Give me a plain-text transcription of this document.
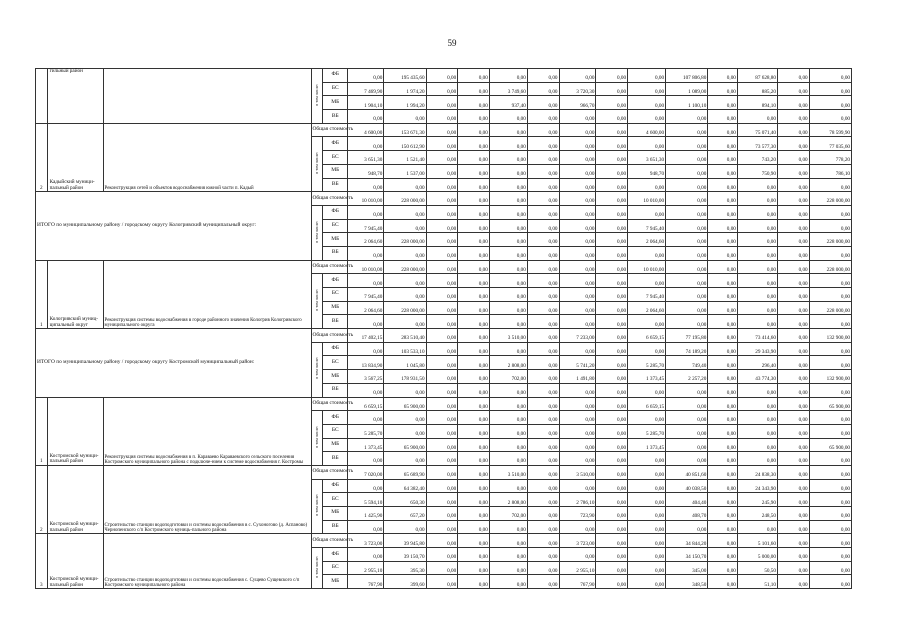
59
	гильный район		в том числе:	ФБ	0,00	195 435,60	0,00	0,00	0,00	0,00	0,00	0,00	0,00	107 806,80	0,00	87 628,80	0,00	0,00
				БС	7 469,90	1 974,20	0,00	0,00	3 749,60	0,00	3 720,30	0,00	0,00	1 089,00	0,00	885,20	0,00	0,00
				МБ	1 904,10	1 994,20	0,00	0,00	937,40	0,00	966,70	0,00	0,00	1 100,10	0,00	894,10	0,00	0,00
				ВБ	0,00	0,00	0,00	0,00	0,00	0,00	0,00	0,00	0,00	0,00	0,00	0,00	0,00	0,00
2	Кадыйский муници-пальный район	Реконструкция сетей и объектов водоснабжения южной части п. Кадый	Общая стоимость		4 600,00	153 671,30	0,00	0,00	0,00	0,00	0,00	0,00	4 600,00	0,00	0,00	75 071,40	0,00	78 599,90
			в том числе:	ФБ	0,00	150 612,90	0,00	0,00	0,00	0,00	0,00	0,00	0,00	0,00	0,00	73 577,30	0,00	77 035,60
				БС	3 651,30	1 521,40	0,00	0,00	0,00	0,00	0,00	0,00	3 651,30	0,00	0,00	743,20	0,00	778,20
				МБ	948,70	1 537,00	0,00	0,00	0,00	0,00	0,00	0,00	948,70	0,00	0,00	750,90	0,00	786,10
				ВБ	0,00	0,00	0,00	0,00	0,00	0,00	0,00	0,00	0,00	0,00	0,00	0,00	0,00	0,00
ИТОГО по муниципальному району / городскому округу Кологривский муниципальный округ:			Общая стоимость		10 010,00	228 000,00	0,00	0,00	0,00	0,00	0,00	0,00	10 010,00	0,00	0,00	0,00	0,00	228 000,00
			в том числе:	ФБ	0,00	0,00	0,00	0,00	0,00	0,00	0,00	0,00	0,00	0,00	0,00	0,00	0,00	0,00
				БС	7 945,40	0,00	0,00	0,00	0,00	0,00	0,00	0,00	7 945,40	0,00	0,00	0,00	0,00	0,00
				МБ	2 064,60	228 000,00	0,00	0,00	0,00	0,00	0,00	0,00	2 064,60	0,00	0,00	0,00	0,00	228 000,00
				ВБ	0,00	0,00	0,00	0,00	0,00	0,00	0,00	0,00	0,00	0,00	0,00	0,00	0,00	0,00
1	Кологривский муниц-ципальный округ	Реконструкция системы водоснабжения в городе районного значения Кологрив Кологривского муниципального округа	Общая стоимость		10 010,00	228 000,00	0,00	0,00	0,00	0,00	0,00	0,00	10 010,00	0,00	0,00	0,00	0,00	228 000,00
			в том числе:	ФБ	0,00	0,00	0,00	0,00	0,00	0,00	0,00	0,00	0,00	0,00	0,00	0,00	0,00	0,00
				БС	7 945,40	0,00	0,00	0,00	0,00	0,00	0,00	0,00	7 945,40	0,00	0,00	0,00	0,00	0,00
				МБ	2 064,60	228 000,00	0,00	0,00	0,00	0,00	0,00	0,00	2 064,60	0,00	0,00	0,00	0,00	228 000,00
				ВБ	0,00	0,00	0,00	0,00	0,00	0,00	0,00	0,00	0,00	0,00	0,00	0,00	0,00	0,00
ИТОГО по муниципальному району / городскому округу Костромской муниципальный район:			Общая стоимость		17 402,15	283 510,40	0,00	0,00	3 510,00	0,00	7 233,00	0,00	6 659,15	77 195,80	0,00	73 414,60	0,00	132 900,00
			в том числе:	ФБ	0,00	103 533,10	0,00	0,00	0,00	0,00	0,00	0,00	0,00	74 189,20	0,00	29 343,90	0,00	0,00
				БС	13 834,90	1 045,80	0,00	0,00	2 808,00	0,00	5 741,20	0,00	5 285,70	749,40	0,00	296,40	0,00	0,00
				МБ	3 567,25	178 931,50	0,00	0,00	702,00	0,00	1 491,80	0,00	1 373,45	2 257,20	0,00	43 774,30	0,00	132 900,00
				ВБ	0,00	0,00	0,00	0,00	0,00	0,00	0,00	0,00	0,00	0,00	0,00	0,00	0,00	0,00
1	Костромской муници-пальный район	Реконструкция системы водоснабжения в п. Караваево Караваевского сельского поселения Костромского муниципального района с подключе-нием к системе водоснабжения г. Костромы	Общая стоимость		6 659,15	65 900,00	0,00	0,00	0,00	0,00	0,00	0,00	6 659,15	0,00	0,00	0,00	0,00	65 900,00
			в том числе:	ФБ	0,00	0,00	0,00	0,00	0,00	0,00	0,00	0,00	0,00	0,00	0,00	0,00	0,00	0,00
				БС	5 285,70	0,00	0,00	0,00	0,00	0,00	0,00	0,00	5 285,70	0,00	0,00	0,00	0,00	0,00
				МБ	1 373,45	65 900,00	0,00	0,00	0,00	0,00	0,00	0,00	1 373,45	0,00	0,00	0,00	0,00	65 900,00
				ВБ	0,00	0,00	0,00	0,00	0,00	0,00	0,00	0,00	0,00	0,00	0,00	0,00	0,00	0,00
2	Костромской муници-пальный район	Строительство станции водоподготовки и системы водоснабжения в с. Сухоногово (д. Аспаново) Чернопенского с/п Костромского муниць-пального района	Общая стоимость		7 020,00	65 689,90	0,00	0,00	3 510,00	0,00	3 510,00	0,00	0,00	40 851,60	0,00	24 838,30	0,00	0,00
			в том числе:	ФБ	0,00	64 382,40	0,00	0,00	0,00	0,00	0,00	0,00	0,00	40 038,50	0,00	24 343,90	0,00	0,00
				БС	5 594,10	650,30	0,00	0,00	2 808,00	0,00	2 786,10	0,00	0,00	404,40	0,00	245,90	0,00	0,00
				МБ	1 425,90	657,20	0,00	0,00	702,00	0,00	723,90	0,00	0,00	408,70	0,00	248,50	0,00	0,00
				ВБ	0,00	0,00	0,00	0,00	0,00	0,00	0,00	0,00	0,00	0,00	0,00	0,00	0,00	0,00
3	Костромской муници-пальный район	Строительство станции водоподготовки и системы водоснабжения с. Сущево Сущевского с/п Костромского муниципального района	Общая стоимость		3 723,00	39 945,80	0,00	0,00	0,00	0,00	3 723,00	0,00	0,00	34 844,20	0,00	5 101,60	0,00	0,00
			в том числе:	ФБ	0,00	39 150,70	0,00	0,00	0,00	0,00	0,00	0,00	0,00	34 150,70	0,00	5 000,00	0,00	0,00
				БС	2 955,10	395,30	0,00	0,00	0,00	0,00	2 955,10	0,00	0,00	345,00	0,00	50,50	0,00	0,00
				МБ	767,90	399,60	0,00	0,00	0,00	0,00	767,90	0,00	0,00	348,50	0,00	51,10	0,00	0,00
